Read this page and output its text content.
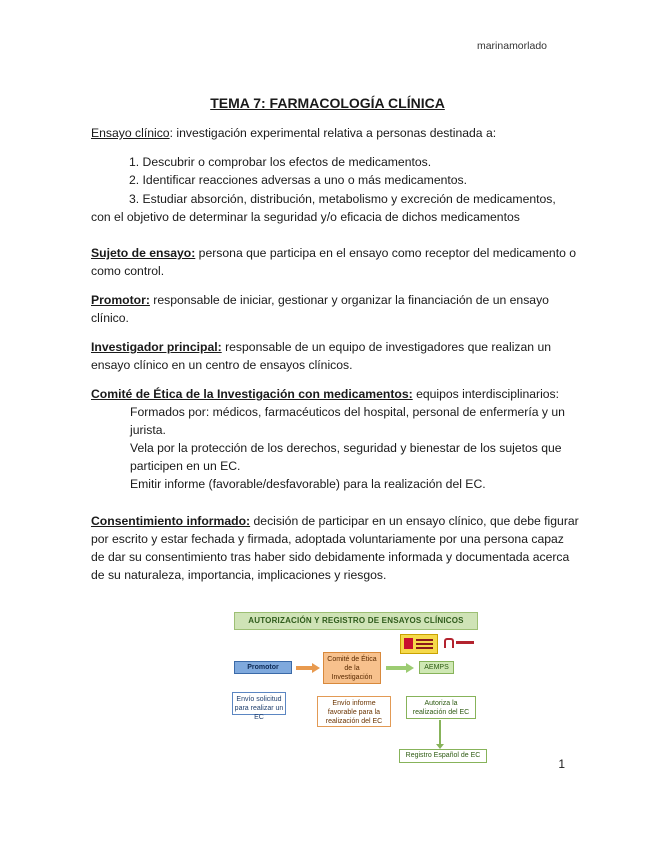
marinamorlado
TEMA 7: FARMACOLOGÍA CLÍNICA
Ensayo clínico: investigación experimental relativa a personas destinada a:
1. Descubrir o comprobar los efectos de medicamentos.
2. Identificar reacciones adversas a uno o más medicamentos.
3. Estudiar absorción, distribución, metabolismo y excreción de medicamentos,
con el objetivo de determinar la seguridad y/o eficacia de dichos medicamentos
Sujeto de ensayo: persona que participa en el ensayo como receptor del medicamento o
como control.
Promotor: responsable de iniciar, gestionar y organizar la financiación de un ensayo
clínico.
Investigador principal: responsable de un equipo de investigadores que realizan un
ensayo clínico en un centro de ensayos clínicos.
Comité de Ética de la Investigación con medicamentos: equipos interdisciplinarios:
Formados por: médicos, farmacéuticos del hospital, personal de enfermería y un
jurista.
Vela por la protección de los derechos, seguridad y bienestar de los sujetos que
participen en un EC.
Emitir informe (favorable/desfavorable) para la realización del EC.
Consentimiento informado: decisión de participar en un ensayo clínico, que debe figurar
por escrito y estar fechada y firmada, adoptada voluntariamente por una persona capaz
de dar su consentimiento tras haber sido debidamente informada y documentada acerca
de su naturaleza, importancia, implicaciones y riesgos.
AUTORIZACIÓN Y REGISTRO DE ENSAYOS CLÍNICOS
Promotor
Comité de Ética de la Investigación
AEMPS
Envío solicitud para realizar un EC
Envío informe favorable para la realización del EC
Autoriza la realización del EC
Registro Español de EC
1
